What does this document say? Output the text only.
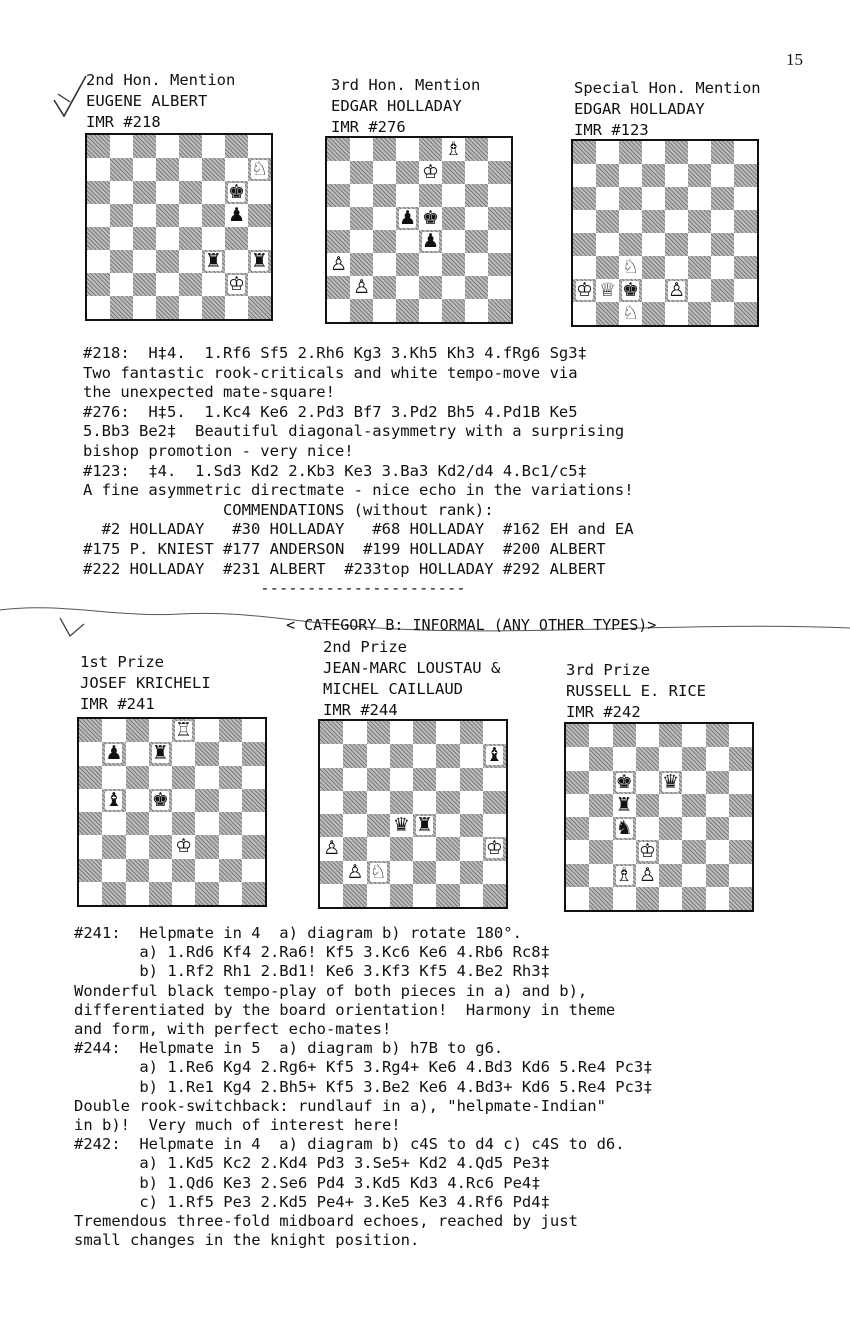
15
2nd Hon. Mention
EUGENE ALBERT
IMR #218
3rd Hon. Mention
EDGAR HOLLADAY
IMR #276
Special Hon. Mention
EDGAR HOLLADAY
IMR #123
♘
♚
♟
♜ ♜
♔
♗
♔
♟ ♚
♟
♙
♙
♘
♔ ♕ ♚ ♙
♘
#218:  H‡4.  1.Rf6 Sf5 2.Rh6 Kg3 3.Kh5 Kh3 4.fRg6 Sg3‡
Two fantastic rook-criticals and white tempo-move via
the unexpected mate-square!
#276:  H‡5.  1.Kc4 Ke6 2.Pd3 Bf7 3.Pd2 Bh5 4.Pd1B Ke5
5.Bb3 Be2‡  Beautiful diagonal-asymmetry with a surprising
bishop promotion - very nice!
#123:  ‡4.  1.Sd3 Kd2 2.Kb3 Ke3 3.Ba3 Kd2/d4 4.Bc1/c5‡
A fine asymmetric directmate - nice echo in the variations!
COMMENDATIONS (without rank):
#2 HOLLADAY   #30 HOLLADAY   #68 HOLLADAY  #162 EH and EA
#175 P. KNIEST #177 ANDERSON  #199 HOLLADAY  #200 ALBERT
#222 HOLLADAY  #231 ALBERT  #233top HOLLADAY #292 ALBERT
----------------------

< CATEGORY B: INFORMAL (ANY OTHER TYPES)>

1st Prize
JOSEF KRICHELI
IMR #241
2nd Prize
JEAN-MARC LOUSTAU &
MICHEL CAILLAUD
IMR #244
3rd Prize
RUSSELL E. RICE
IMR #242
♖
♟ ♜
♝ ♚
♔
♝
♛ ♜
♙	♔
♙ ♘
♚ ♛
♜
♞
♔
♗ ♙
#241:  Helpmate in 4  a) diagram b) rotate 180°.
a) 1.Rd6 Kf4 2.Ra6! Kf5 3.Kc6 Ke6 4.Rb6 Rc8‡
b) 1.Rf2 Rh1 2.Bd1! Ke6 3.Kf3 Kf5 4.Be2 Rh3‡
Wonderful black tempo-play of both pieces in a) and b),
differentiated by the board orientation!  Harmony in theme
and form, with perfect echo-mates!
#244:  Helpmate in 5  a) diagram b) h7B to g6.
a) 1.Re6 Kg4 2.Rg6+ Kf5 3.Rg4+ Ke6 4.Bd3 Kd6 5.Re4 Pc3‡
b) 1.Re1 Kg4 2.Bh5+ Kf5 3.Be2 Ke6 4.Bd3+ Kd6 5.Re4 Pc3‡
Double rook-switchback: rundlauf in a), "helpmate-Indian"
in b)!  Very much of interest here!
#242:  Helpmate in 4  a) diagram b) c4S to d4 c) c4S to d6.
a) 1.Kd5 Kc2 2.Kd4 Pd3 3.Se5+ Kd2 4.Qd5 Pe3‡
b) 1.Qd6 Ke3 2.Se6 Pd4 3.Kd5 Kd3 4.Rc6 Pe4‡
c) 1.Rf5 Pe3 2.Kd5 Pe4+ 3.Ke5 Ke3 4.Rf6 Pd4‡
Tremendous three-fold midboard echoes, reached by just
small changes in the knight position.
